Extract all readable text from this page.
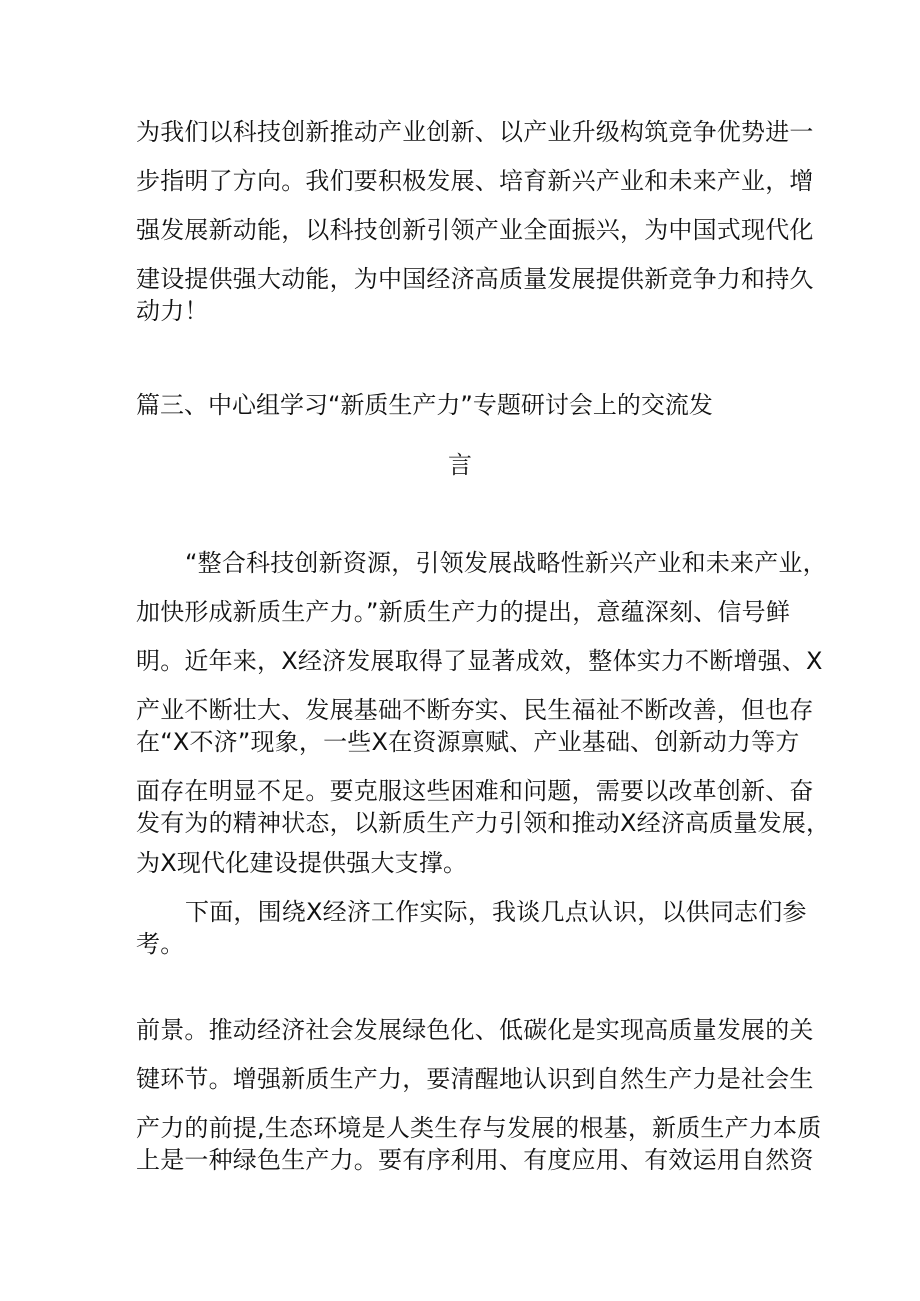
为我们以科技创新推动产业创新、以产业升级构筑竞争优势进一
步指明了方向。我们要积极发展、培育新兴产业和未来产业，增
强发展新动能，以科技创新引领产业全面振兴，为中国式现代化
建设提供强大动能，为中国经济高质量发展提供新竞争力和持久
动力！
篇三、中心组学习“新质生产力”专题研讨会上的交流发
言
“整合科技创新资源，引领发展战略性新兴产业和未来产业，
加快形成新质生产力。”新质生产力的提出，意蕴深刻、信号鲜
明。近年来，X经济发展取得了显著成效，整体实力不断增强、X
产业不断壮大、发展基础不断夯实、民生福祉不断改善，但也存
在“X不济”现象，一些X在资源禀赋、产业基础、创新动力等方
面存在明显不足。要克服这些困难和问题，需要以改革创新、奋
发有为的精神状态，以新质生产力引领和推动X经济高质量发展，
为X现代化建设提供强大支撑。
下面，围绕X经济工作实际，我谈几点认识，以供同志们参
考。
前景。推动经济社会发展绿色化、低碳化是实现高质量发展的关
键环节。增强新质生产力，要清醒地认识到自然生产力是社会生
产力的前提,生态环境是人类生存与发展的根基，新质生产力本质
上是一种绿色生产力。要有序利用、有度应用、有效运用自然资
